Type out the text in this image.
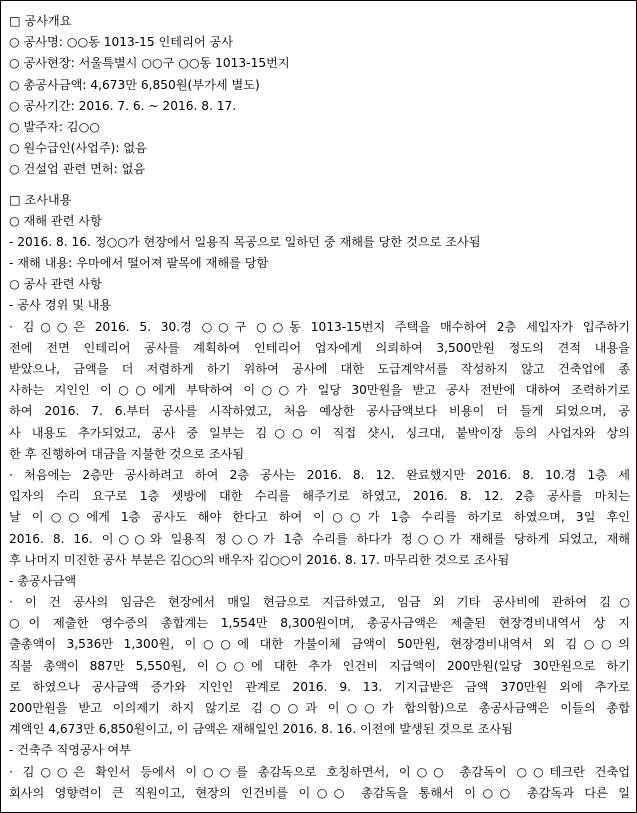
□ 공사개요
○ 공사명: ○○동 1013-15 인테리어 공사
○ 공사현장: 서울특별시 ○○구 ○○동 1013-15번지
○ 총공사금액: 4,673만 6,850원(부가세 별도)
○ 공사기간: 2016. 7. 6. ~ 2016. 8. 17.
○ 발주자: 김○○
○ 원수급인(사업주): 없음
○ 건설업 관련 면허: 없음
□ 조사내용
○ 재해 관련 사항
- 2016. 8. 16. 정○○가 현장에서 일용직 목공으로 일하던 중 재해를 당한 것으로 조사됨
- 재해 내용: 우마에서 떨어져 팔목에 재해를 당함
○ 공사 관련 사항
- 공사 경위 및 내용
· 김○○은 2016. 5. 30.경 ○○구 ○○동 1013-15번지 주택을 매수하여 2층 세입자가 입주하기
전에 전면 인테리어 공사를 계획하여 인테리어 업자에게 의뢰하여 3,500만원 정도의 견적 내용을
받았으나, 금액을 더 저렴하게 하기 위하여 공사에 대한 도급계약서를 작성하지 않고 건축업에 종
사하는 지인인 이○○에게 부탁하여 이○○가 일당 30만원을 받고 공사 전반에 대하여 조력하기로
하여 2016. 7. 6.부터 공사를 시작하였고, 처음 예상한 공사금액보다 비용이 더 들게 되었으며, 공
사 내용도 추가되었고, 공사 중 일부는 김○○이 직접 샷시, 싱크대, 붙박이장 등의 사업자와 상의
한 후 진행하여 대금을 지불한 것으로 조사됨
· 처음에는 2층만 공사하려고 하여 2층 공사는 2016. 8. 12. 완료했지만 2016. 8. 10.경 1층 세
입자의 수리 요구로 1층 셋방에 대한 수리를 해주기로 하였고, 2016. 8. 12. 2층 공사를 마치는
날 이○○에게 1층 공사도 해야 한다고 하여 이○○가 1층 수리를 하기로 하였으며, 3일 후인
2016. 8. 16. 이○○와 일용직 정○○가 1층 수리를 하다가 정○○가 재해를 당하게 되었고, 재해
후 나머지 미진한 공사 부분은 김○○의 배우자 김○○이 2016. 8. 17. 마무리한 것으로 조사됨
- 총공사금액
· 이 건 공사의 임금은 현장에서 매일 현금으로 지급하였고, 임금 외 기타 공사비에 관하여 김○
○이 제출한 영수증의 총합계는 1,554만 8,300원이며, 총공사금액은 제출된 현장경비내역서 상 지
출총액이 3,536만 1,300원, 이○○에 대한 가불이체 금액이 50만원, 현장경비내역서 외 김○○의
직불 총액이 887만 5,550원, 이○○에 대한 추가 인건비 지급액이 200만원(일당 30만원으로 하기
로 하였으나 공사금액 증가와 지인인 관계로 2016. 9. 13. 기지급받은 금액 370만원 외에 추가로
200만원을 받고 이의제기 하지 않기로 김○○과 이○○가 합의함)으로 총공사금액은 이들의 총합
계액인 4,673만 6,850원이고, 이 금액은 재해일인 2016. 8. 16. 이전에 발생된 것으로 조사됨
- 건축주 직영공사 여부
· 김○○은 확인서 등에서 이○○를 총감독으로 호칭하면서, 이○○ 총감독이 ○○테크란 건축업
회사의 영향력이 큰 직원이고, 현장의 인건비를 이○○ 총감독을 통해서 이○○ 총감독과 다른 일
